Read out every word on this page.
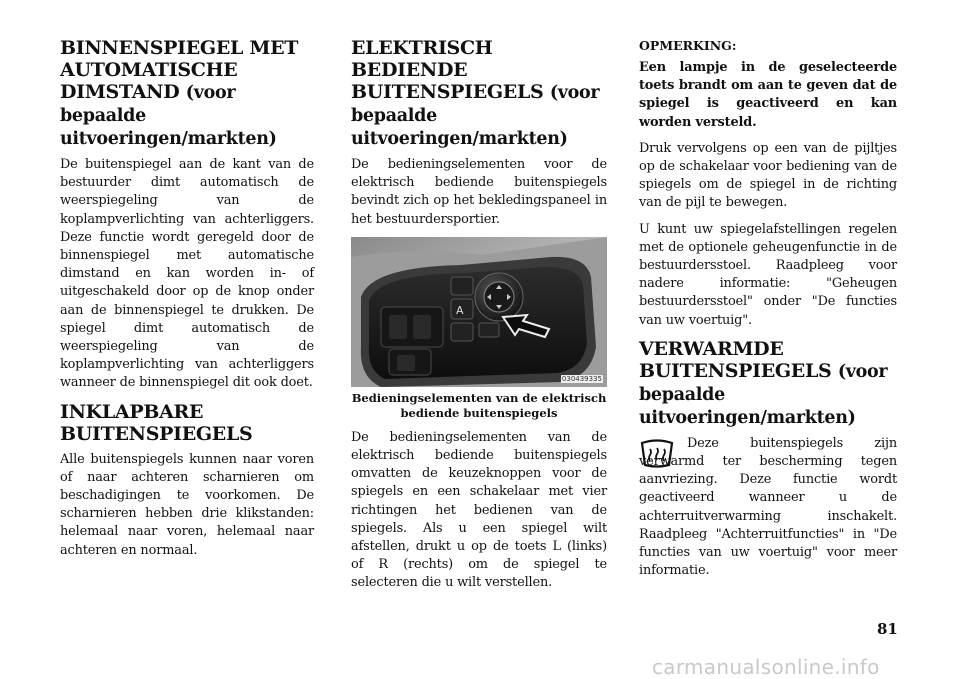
BINNENSPIEGEL MET AUTOMATISCHE DIMSTAND (voor bepaalde uitvoeringen/markten)

De buitenspiegel aan de kant van de bestuurder dimt automatisch de weerspiegeling van de koplampverlichting van achterliggers. Deze functie wordt geregeld door de binnenspiegel met automatische dimstand en kan worden in- of uitgeschakeld door op de knop onder aan de binnenspiegel te drukken. De spiegel dimt automatisch de weerspiegeling van de koplampverlichting van achterliggers wanneer de binnenspiegel dit ook doet.

INKLAPBARE BUITENSPIEGELS

Alle buitenspiegels kunnen naar voren of naar achteren scharnieren om beschadigingen te voorkomen. De scharnieren hebben drie klikstanden: helemaal naar voren, helemaal naar achteren en normaal.

ELEKTRISCH BEDIENDE BUITENSPIEGELS (voor bepaalde uitvoeringen/markten)

De bedieningselementen voor de elektrisch bediende buitenspiegels bevindt zich op het bekledingspaneel in het bestuurdersportier.

A
030439335
Bedieningselementen van de elektrisch bediende buitenspiegels

De bedieningselementen van de elektrisch bediende buitenspiegels omvatten de keuzeknoppen voor de spiegels en een schakelaar met vier richtingen het bedienen van de spiegels. Als u een spiegel wilt afstellen, drukt u op de toets L (links) of R (rechts) om de spiegel te selecteren die u wilt verstellen.

OPMERKING:

Een lampje in de geselecteerde toets brandt om aan te geven dat de spiegel is geactiveerd en kan worden versteld.

Druk vervolgens op een van de pijltjes op de schakelaar voor bediening van de spiegels om de spiegel in de richting van de pijl te bewegen.

U kunt uw spiegelafstellingen regelen met de optionele geheugenfunctie in de bestuurdersstoel. Raadpleeg voor nadere informatie: "Geheugen bestuurdersstoel" onder "De functies van uw voertuig".

VERWARMDE BUITENSPIEGELS (voor bepaalde uitvoeringen/markten)

Deze buitenspiegels zijn verwarmd ter bescherming tegen aanvriezing. Deze functie wordt geactiveerd wanneer u de achterruitverwarming inschakelt. Raadpleeg "Achterruitfuncties" in "De functies van uw voertuig" voor meer informatie.

81
carmanualsonline.info
